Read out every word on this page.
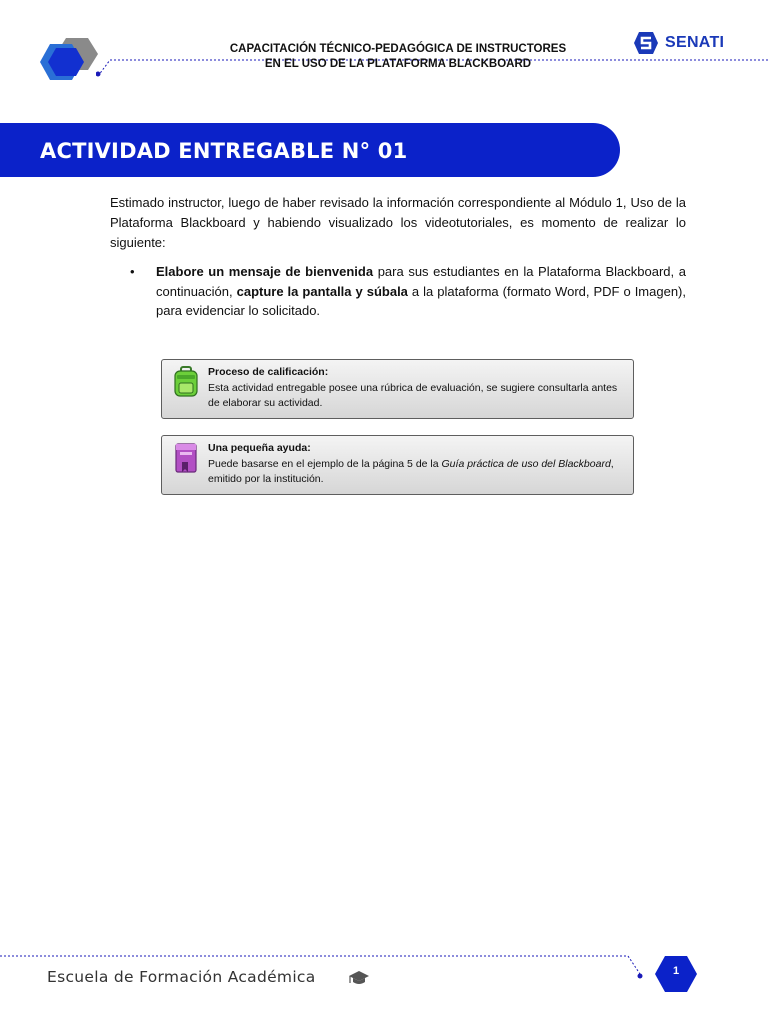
CAPACITACIÓN TÉCNICO-PEDAGÓGICA DE INSTRUCTORES
EN EL USO DE LA PLATAFORMA BLACKBOARD
SENATI
ACTIVIDAD ENTREGABLE N° 01
Estimado instructor, luego de haber revisado la información correspondiente al Módulo 1, Uso de la Plataforma Blackboard y habiendo visualizado los videotutoriales, es momento de realizar lo siguiente:
• Elabore un mensaje de bienvenida para sus estudiantes en la Plataforma Blackboard, a continuación, capture la pantalla y súbala a la plataforma (formato Word, PDF o Imagen), para evidenciar lo solicitado.
Proceso de calificación:
Esta actividad entregable posee una rúbrica de evaluación, se sugiere consultarla antes de elaborar su actividad.
Una pequeña ayuda:
Puede basarse en el ejemplo de la página 5 de la Guía práctica de uso del Blackboard, emitido por la institución.
Escuela de Formación Académica	1
